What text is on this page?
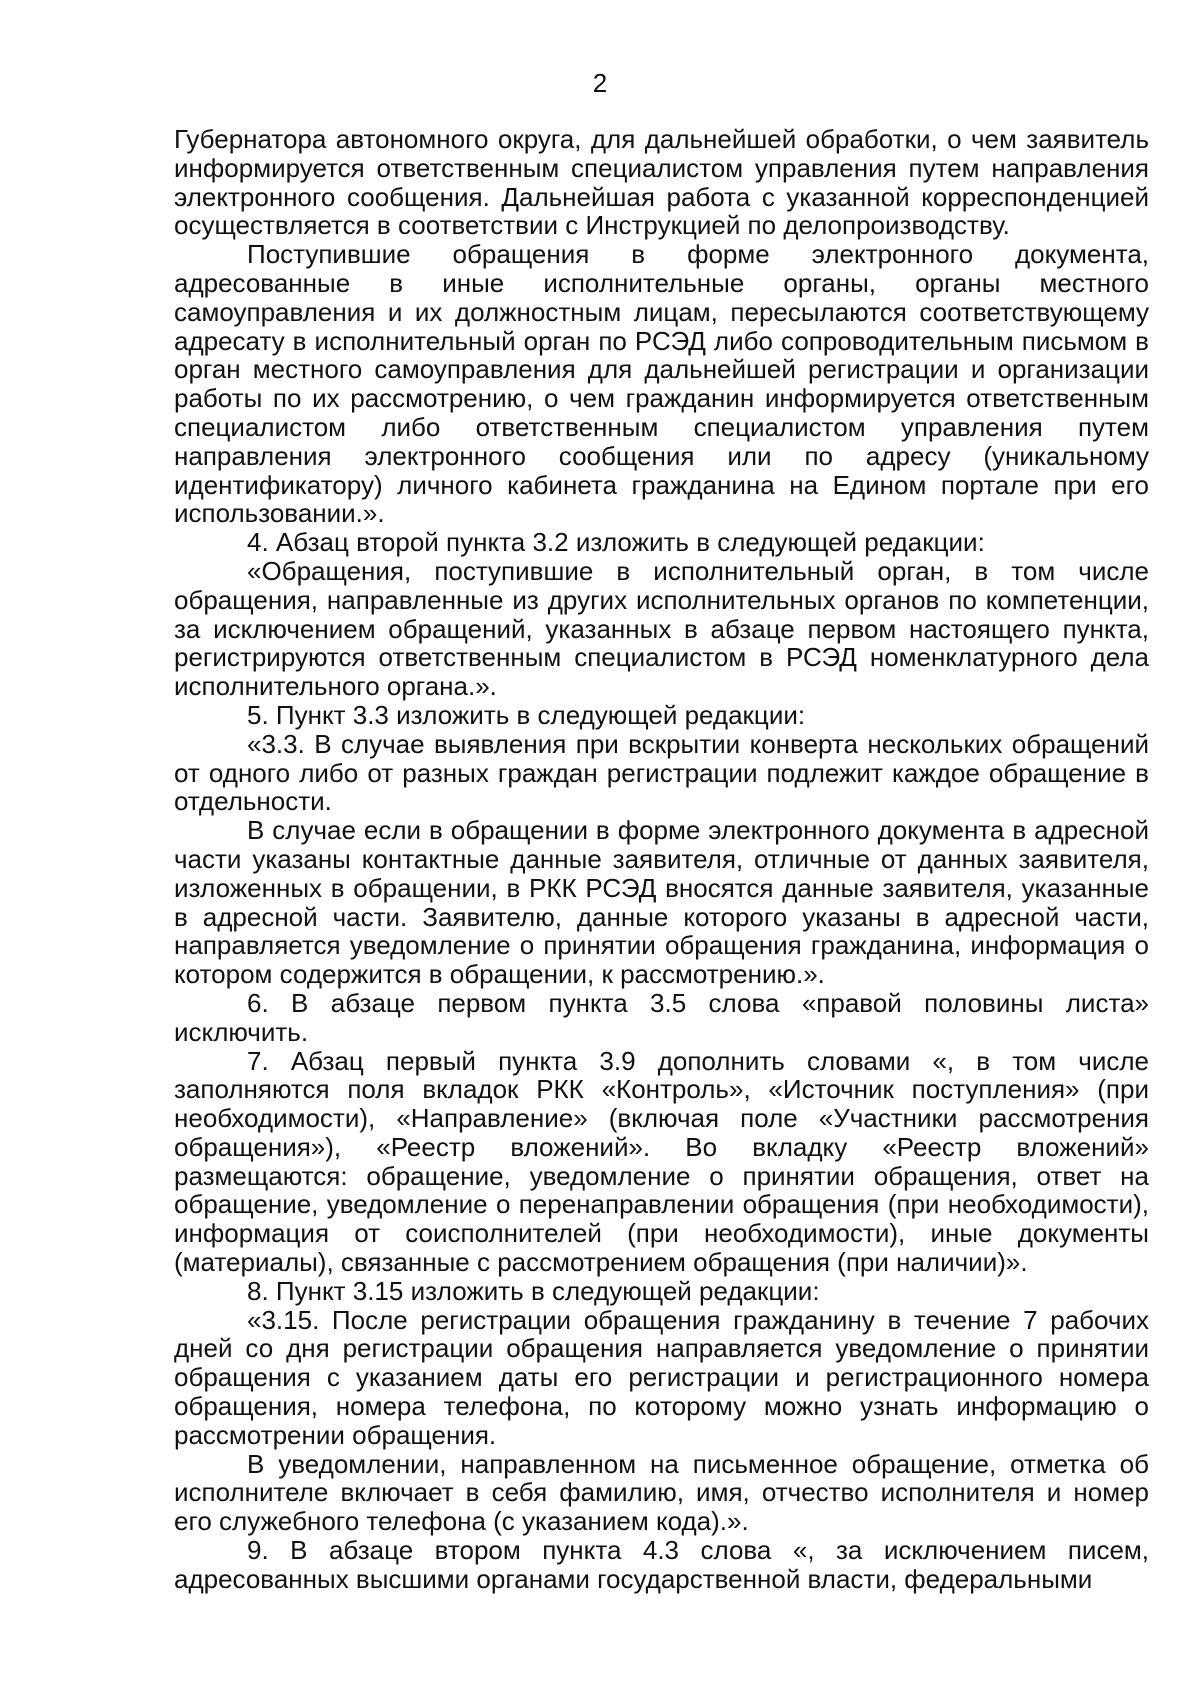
2

Губернатора автономного округа, для дальнейшей обработки, о чем заявитель информируется ответственным специалистом управления путем направления электронного сообщения. Дальнейшая работа с указанной корреспонденцией осуществляется в соответствии с Инструкцией по делопроизводству.

Поступившие обращения в форме электронного документа, адресованные в иные исполнительные органы, органы местного самоуправления и их должностным лицам, пересылаются соответствующему адресату в исполнительный орган по РСЭД либо сопроводительным письмом в орган местного самоуправления для дальнейшей регистрации и организации работы по их рассмотрению, о чем гражданин информируется ответственным специалистом либо ответственным специалистом управления путем направления электронного сообщения или по адресу (уникальному идентификатору) личного кабинета гражданина на Едином портале при его использовании.».

4. Абзац второй пункта 3.2 изложить в следующей редакции:

«Обращения, поступившие в исполнительный орган, в том числе обращения, направленные из других исполнительных органов по компетенции, за исключением обращений, указанных в абзаце первом настоящего пункта, регистрируются ответственным специалистом в РСЭД номенклатурного дела исполнительного органа.».

5. Пункт 3.3 изложить в следующей редакции:

«3.3. В случае выявления при вскрытии конверта нескольких обращений от одного либо от разных граждан регистрации подлежит каждое обращение в отдельности.

В случае если в обращении в форме электронного документа в адресной части указаны контактные данные заявителя, отличные от данных заявителя, изложенных в обращении, в РКК РСЭД вносятся данные заявителя, указанные в адресной части. Заявителю, данные которого указаны в адресной части, направляется уведомление о принятии обращения гражданина, информация о котором содержится в обращении, к рассмотрению.».

6. В абзаце первом пункта 3.5 слова «правой половины листа» исключить.

7. Абзац первый пункта 3.9 дополнить словами «, в том числе заполняются поля вкладок РКК «Контроль», «Источник поступления» (при необходимости), «Направление» (включая поле «Участники рассмотрения обращения»), «Реестр вложений». Во вкладку «Реестр вложений» размещаются: обращение, уведомление о принятии обращения, ответ на обращение, уведомление о перенаправлении обращения (при необходимости), информация от соисполнителей (при необходимости), иные документы (материалы), связанные с рассмотрением обращения (при наличии)».

8. Пункт 3.15 изложить в следующей редакции:

«3.15. После регистрации обращения гражданину в течение 7 рабочих дней со дня регистрации обращения направляется уведомление о принятии обращения с указанием даты его регистрации и регистрационного номера обращения, номера телефона, по которому можно узнать информацию о рассмотрении обращения.

В уведомлении, направленном на письменное обращение, отметка об исполнителе включает в себя фамилию, имя, отчество исполнителя и номер его служебного телефона (с указанием кода).».

9. В абзаце втором пункта 4.3 слова «, за исключением писем, адресованных высшими органами государственной власти, федеральными
